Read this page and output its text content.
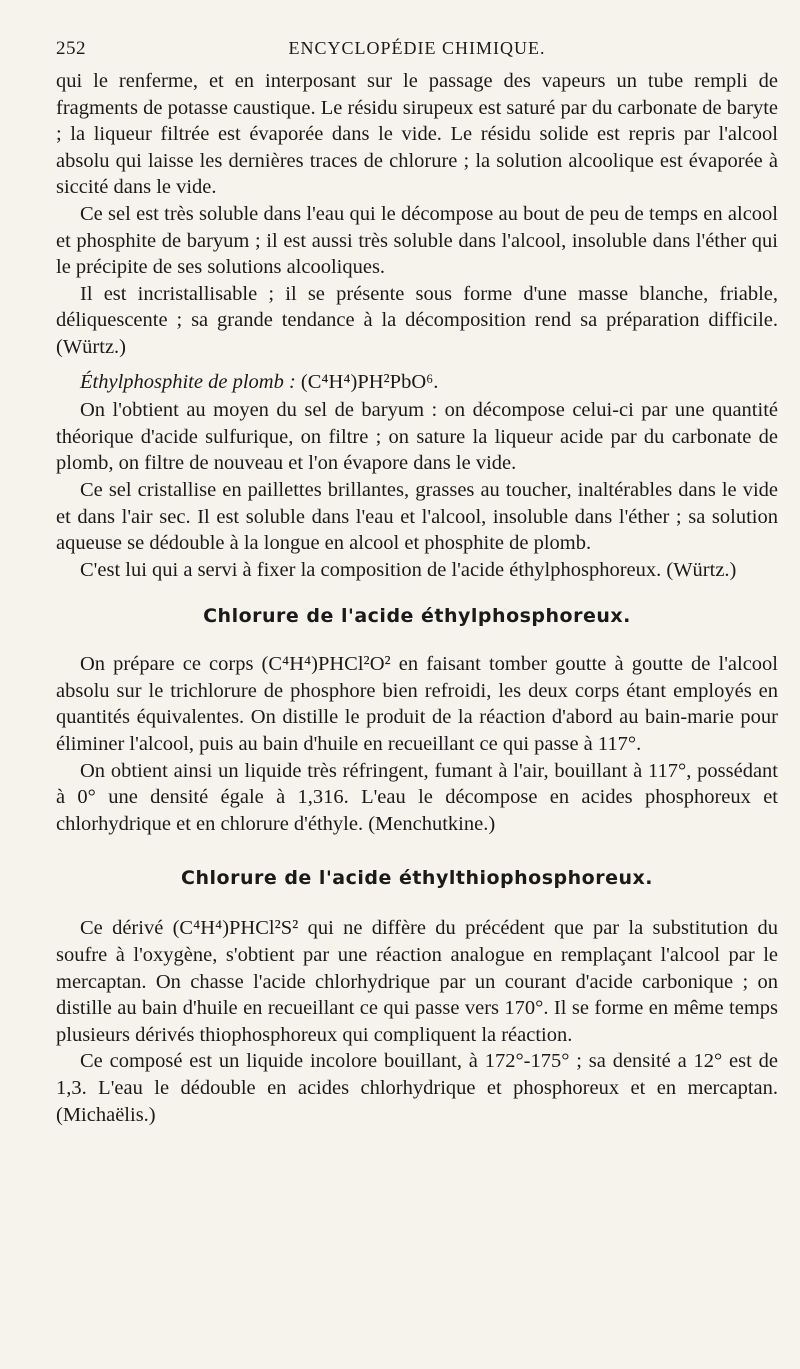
252	ENCYCLOPÉDIE CHIMIQUE.

qui le renferme, et en interposant sur le passage des vapeurs un tube rempli de fragments de potasse caustique. Le résidu sirupeux est saturé par du carbonate de baryte ; la liqueur filtrée est évaporée dans le vide. Le résidu solide est repris par l'alcool absolu qui laisse les dernières traces de chlorure ; la solution alcoolique est évaporée à siccité dans le vide.

Ce sel est très soluble dans l'eau qui le décompose au bout de peu de temps en alcool et phosphite de baryum ; il est aussi très soluble dans l'alcool, insoluble dans l'éther qui le précipite de ses solutions alcooliques.

Il est incristallisable ; il se présente sous forme d'une masse blanche, friable, déliquescente ; sa grande tendance à la décomposition rend sa préparation difficile. (Würtz.)

Éthylphosphite de plomb : (C⁴H⁴)PH²PbO⁶.

On l'obtient au moyen du sel de baryum : on décompose celui-ci par une quantité théorique d'acide sulfurique, on filtre ; on sature la liqueur acide par du carbonate de plomb, on filtre de nouveau et l'on évapore dans le vide.

Ce sel cristallise en paillettes brillantes, grasses au toucher, inaltérables dans le vide et dans l'air sec. Il est soluble dans l'eau et l'alcool, insoluble dans l'éther ; sa solution aqueuse se dédouble à la longue en alcool et phosphite de plomb.

C'est lui qui a servi à fixer la composition de l'acide éthylphosphoreux. (Würtz.)

Chlorure de l'acide éthylphosphoreux.

On prépare ce corps (C⁴H⁴)PHCl²O² en faisant tomber goutte à goutte de l'alcool absolu sur le trichlorure de phosphore bien refroidi, les deux corps étant employés en quantités équivalentes. On distille le produit de la réaction d'abord au bain-marie pour éliminer l'alcool, puis au bain d'huile en recueillant ce qui passe à 117°.

On obtient ainsi un liquide très réfringent, fumant à l'air, bouillant à 117°, possédant à 0° une densité égale à 1,316. L'eau le décompose en acides phosphoreux et chlorhydrique et en chlorure d'éthyle. (Menchutkine.)

Chlorure de l'acide éthylthiophosphoreux.

Ce dérivé (C⁴H⁴)PHCl²S² qui ne diffère du précédent que par la substitution du soufre à l'oxygène, s'obtient par une réaction analogue en remplaçant l'alcool par le mercaptan. On chasse l'acide chlorhydrique par un courant d'acide carbonique ; on distille au bain d'huile en recueillant ce qui passe vers 170°. Il se forme en même temps plusieurs dérivés thiophosphoreux qui compliquent la réaction.

Ce composé est un liquide incolore bouillant, à 172°-175° ; sa densité a 12° est de 1,3. L'eau le dédouble en acides chlorhydrique et phosphoreux et en mercaptan. (Michaëlis.)
